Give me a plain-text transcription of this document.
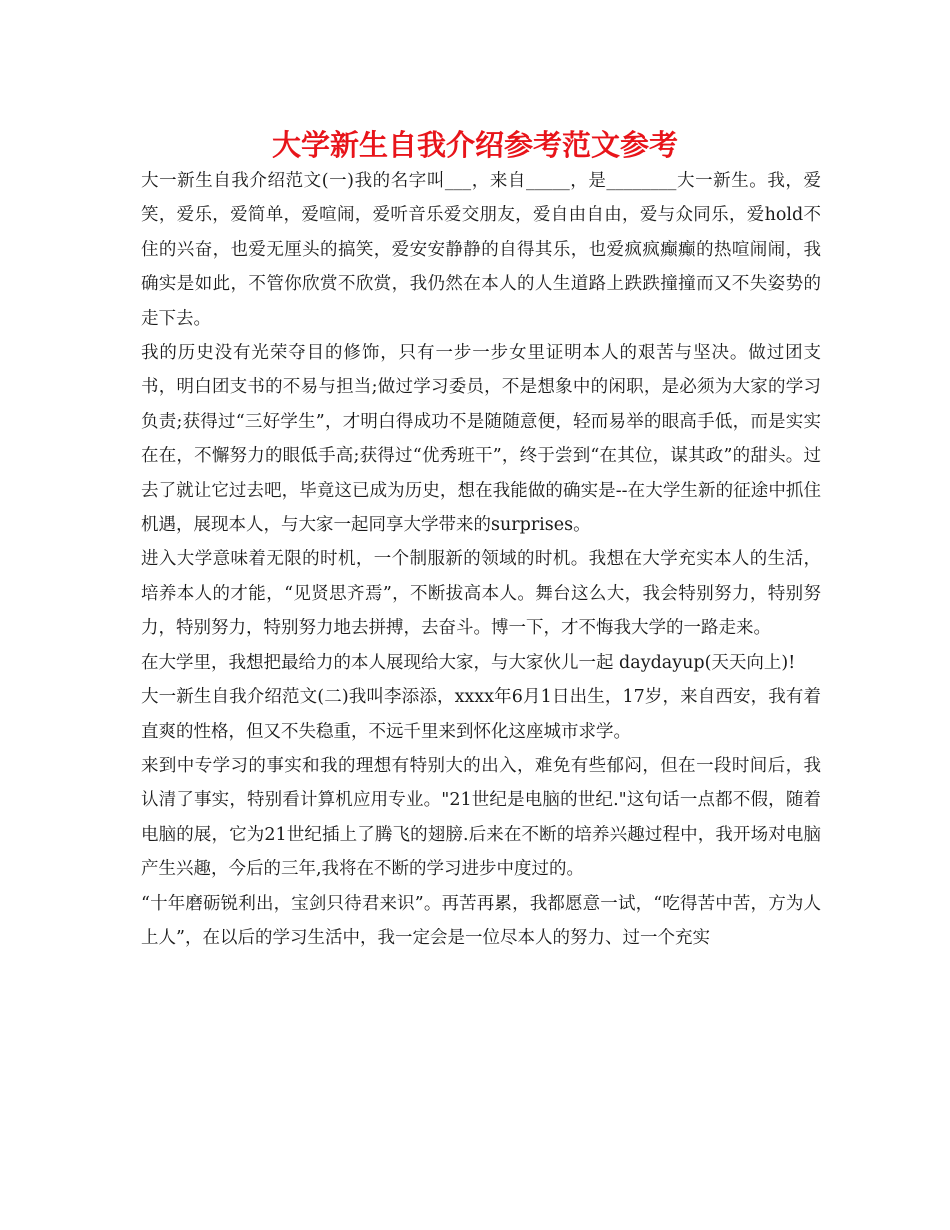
大学新生自我介绍参考范文参考

大一新生自我介绍范文(一)我的名字叫___，来自_____，是________大一新生。我，爱笑，爱乐，爱简单，爱喧闹，爱听音乐爱交朋友，爱自由自由，爱与众同乐，爱hold不住的兴奋，也爱无厘头的搞笑，爱安安静静的自得其乐，也爱疯疯癫癫的热喧闹闹，我确实是如此，不管你欣赏不欣赏，我仍然在本人的人生道路上跌跌撞撞而又不失姿势的走下去。

我的历史没有光荣夺目的修饰，只有一步一步女里证明本人的艰苦与坚决。做过团支书，明白团支书的不易与担当;做过学习委员，不是想象中的闲职，是必须为大家的学习负责;获得过“三好学生”，才明白得成功不是随随意便，轻而易举的眼高手低，而是实实在在，不懈努力的眼低手高;获得过“优秀班干”，终于尝到“在其位，谋其政”的甜头。过去了就让它过去吧，毕竟这已成为历史，想在我能做的确实是--在大学生新的征途中抓住机遇，展现本人，与大家一起同享大学带来的surprises。

进入大学意味着无限的时机，一个制服新的领域的时机。我想在大学充实本人的生活，培养本人的才能，“见贤思齐焉”，不断拔高本人。舞台这么大，我会特别努力，特别努力，特别努力，特别努力地去拼搏，去奋斗。博一下，才不悔我大学的一路走来。

在大学里，我想把最给力的本人展现给大家，与大家伙儿一起 daydayup(天天向上)!

大一新生自我介绍范文(二)我叫李添添，xxxx年6月1日出生，17岁，来自西安，我有着直爽的性格，但又不失稳重，不远千里来到怀化这座城市求学。

来到中专学习的事实和我的理想有特别大的出入，难免有些郁闷，但在一段时间后，我认清了事实，特别看计算机应用专业。"21世纪是电脑的世纪."这句话一点都不假，随着电脑的展，它为21世纪插上了腾飞的翅膀.后来在不断的培养兴趣过程中，我开场对电脑产生兴趣，今后的三年,我将在不断的学习进步中度过的。

“十年磨砺锐利出，宝剑只待君来识”。再苦再累，我都愿意一试，“吃得苦中苦，方为人上人”，在以后的学习生活中，我一定会是一位尽本人的努力、过一个充实
